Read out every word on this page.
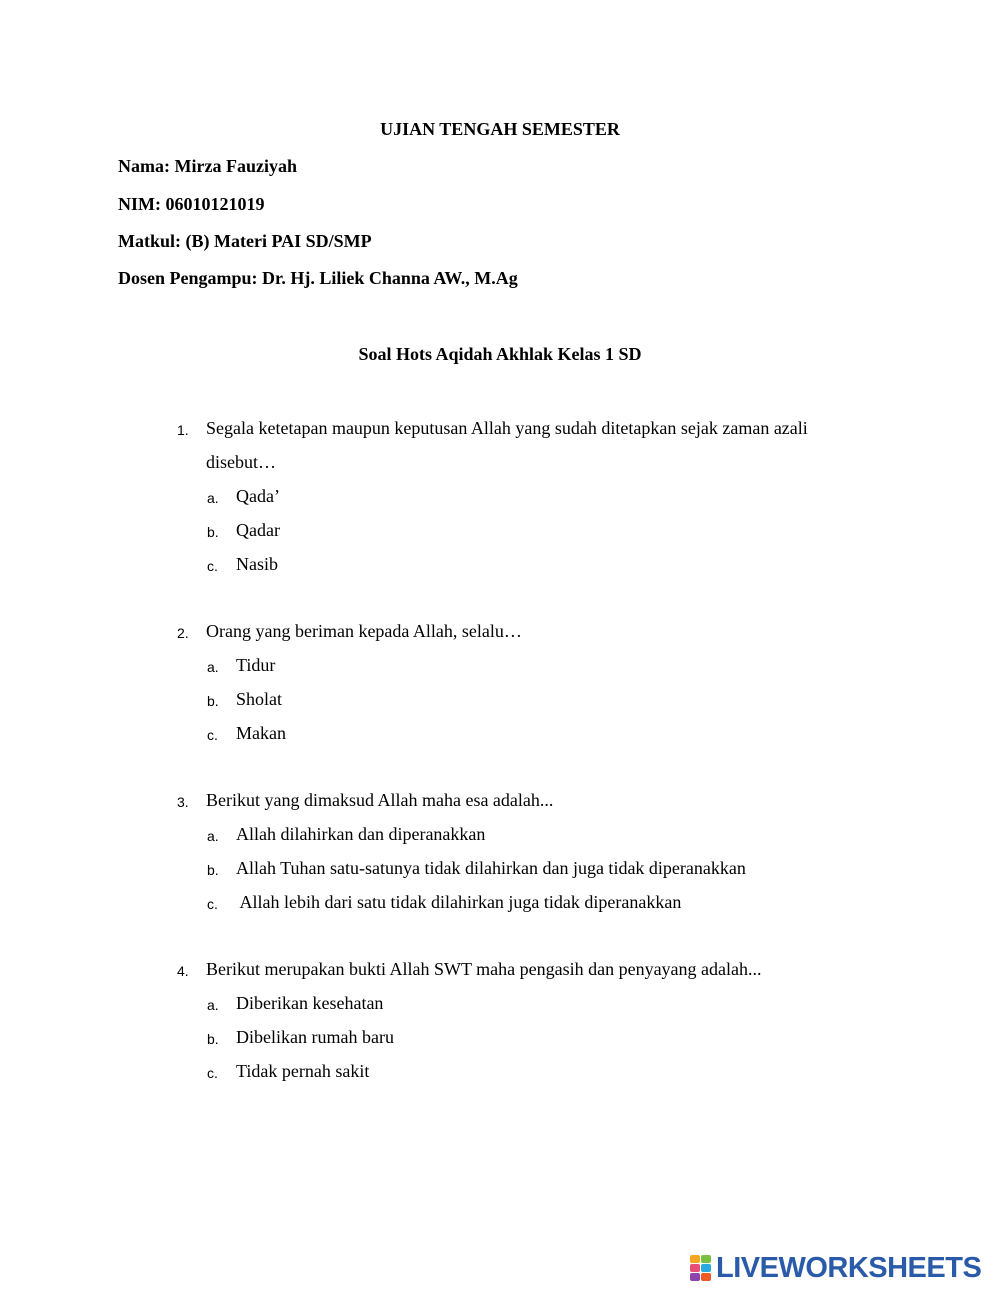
UJIAN TENGAH SEMESTER
Nama: Mirza Fauziyah
NIM: 06010121019
Matkul: (B) Materi PAI SD/SMP
Dosen Pengampu: Dr. Hj. Liliek Channa AW., M.Ag
Soal Hots Aqidah Akhlak Kelas 1 SD
1. Segala ketetapan maupun keputusan Allah yang sudah ditetapkan sejak zaman azali
disebut…
a. Qada’
b. Qadar
c. Nasib
2. Orang yang beriman kepada Allah, selalu…
a. Tidur
b. Sholat
c. Makan
3. Berikut yang dimaksud Allah maha esa adalah...
a. Allah dilahirkan dan diperanakkan
b. Allah Tuhan satu-satunya tidak dilahirkan dan juga tidak diperanakkan
c. Allah lebih dari satu tidak dilahirkan juga tidak diperanakkan
4. Berikut merupakan bukti Allah SWT maha pengasih dan penyayang adalah...
a. Diberikan kesehatan
b. Dibelikan rumah baru
c. Tidak pernah sakit
LIVEWORKSHEETS
